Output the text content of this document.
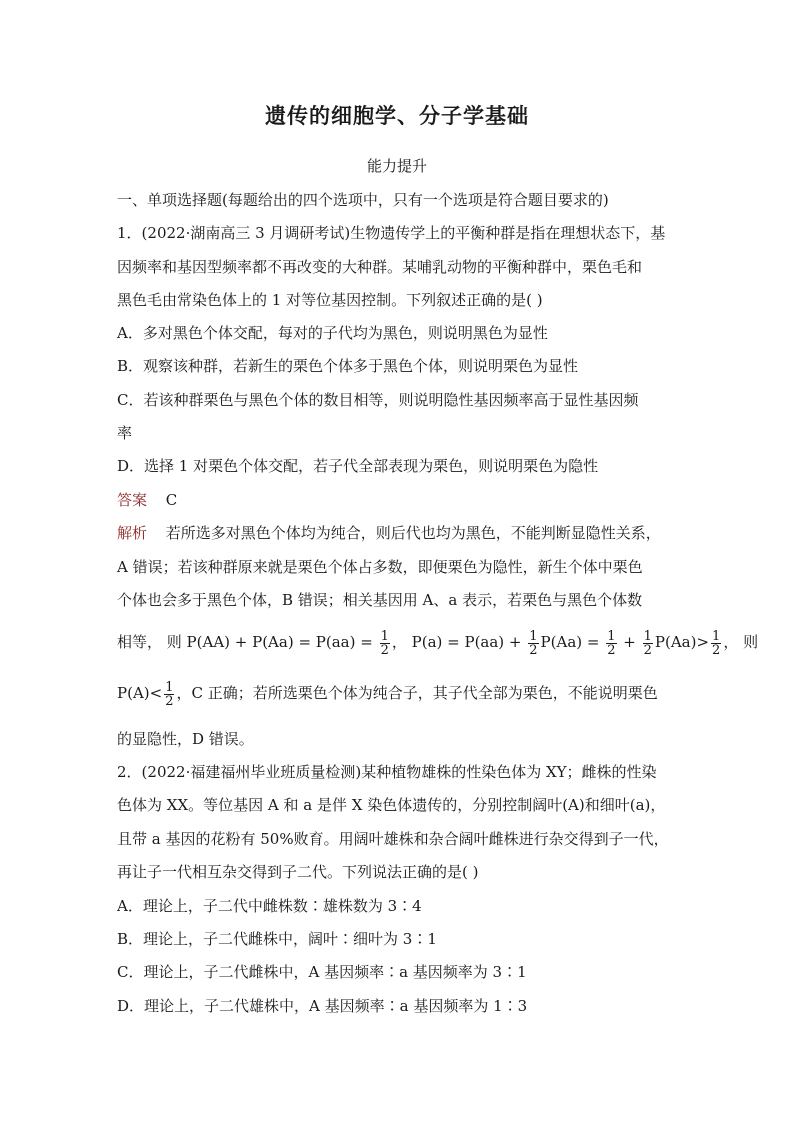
遗传的细胞学、分子学基础
能力提升
一、单项选择题(每题给出的四个选项中，只有一个选项是符合题目要求的)
1．(2022·湖南高三 3 月调研考试)生物遗传学上的平衡种群是指在理想状态下，基
因频率和基因型频率都不再改变的大种群。某哺乳动物的平衡种群中，栗色毛和
黑色毛由常染色体上的 1 对等位基因控制。下列叙述正确的是( )
A．多对黑色个体交配，每对的子代均为黑色，则说明黑色为显性
B．观察该种群，若新生的栗色个体多于黑色个体，则说明栗色为显性
C．若该种群栗色与黑色个体的数目相等，则说明隐性基因频率高于显性基因频
率
D．选择 1 对栗色个体交配，若子代全部表现为栗色，则说明栗色为隐性
答案 C
解析 若所选多对黑色个体均为纯合，则后代也均为黑色，不能判断显隐性关系，
A 错误；若该种群原来就是栗色个体占多数，即便栗色为隐性，新生个体中栗色
个体也会多于黑色个体，B 错误；相关基因用 A、a 表示，若栗色与黑色个体数
相等， 则 $P(AA) + P(Aa) = P(aa) = \frac{1}{2}$ ， $P(a) = P(aa) + \frac{1}{2} P(Aa) = \frac{1}{2} + \frac{1}{2} P(Aa)> \frac{1}{2}$ ， 则
$P(A)< \frac{1}{2}$ ，C 正确；若所选栗色个体为纯合子，其子代全部为栗色，不能说明栗色
的显隐性，D 错误。
2．(2022·福建福州毕业班质量检测)某种植物雄株的性染色体为 XY；雌株的性染
色体为 XX。等位基因 A 和 a 是伴 X 染色体遗传的，分别控制阔叶(A)和细叶(a)，
且带 a 基因的花粉有 50%败育。用阔叶雄株和杂合阔叶雌株进行杂交得到子一代，
再让子一代相互杂交得到子二代。下列说法正确的是( )
A．理论上，子二代中雌株数∶雄株数为 3∶4
B．理论上，子二代雌株中，阔叶∶细叶为 3∶1
C．理论上，子二代雌株中，A 基因频率∶a 基因频率为 3∶1
D．理论上，子二代雄株中，A 基因频率∶a 基因频率为 1∶3
